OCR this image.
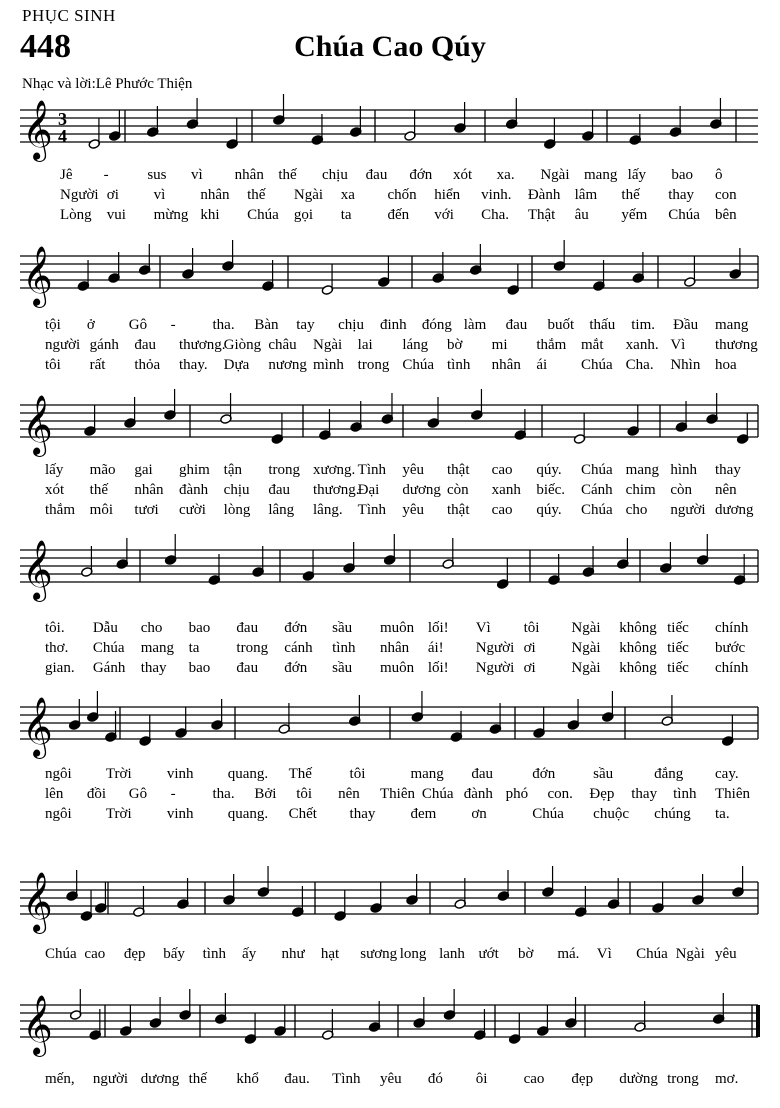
PHỤC SINH
448	Chúa Cao Qúy
Nhạc và lời:Lê Phước Thiện
𝄞 3
4
𝄞
𝄞
𝄞
𝄞
𝄞
𝄞
Jê -	sus vì nhân thế chịu đau đớn xót xa. Ngài mang lấy bao ô
Người ơi vì nhân thế Ngài xa chốn hiển vinh. Đành lâm thế thay con
Lòng vui mừng khi Chúa gọi ta đến với Cha. Thật âu yếm Chúa bên
tội ở Gô - tha. Bàn tay chịu đinh đóng làm đau buốt thấu tim. Đầu mang
người gánh đau thương.
Giòng châu Ngài lai láng bờ mi thắm mắt xanh. Vì thương
tôi rất thỏa thay. Dựa nương mình trong Chúa tình nhân ái Chúa Cha. Nhìn hoa
lấy mão gai ghim tận trong xương. Tình yêu thật cao qúy. Chúa mang hình thay
xót thế nhân đành chịu đau thương.
Đại dương còn xanh biếc. Cánh chim còn nên
thắm môi tươi cười lòng lâng lâng. Tình yêu thật cao qúy. Chúa cho người dương
tôi. Dẫu cho bao đau đớn sầu muôn lối! Vì tôi Ngài không tiếc chính
thơ. Chúa mang ta trong cánh tình nhân ái! Người ơi Ngài không tiếc bước
gian. Gánh thay bao đau đớn sầu muôn lối! Người ơi Ngài không tiếc chính
ngôi Trời vinh quang. Thế	tôi	mang đau	đớn	sầu	đắng cay.
lên đồi Gô - tha. Bởi tôi nên Thiên Chúa đành phó con. Đẹp thay tình Thiên
ngôi Trời vinh quang. Chết thay đem ơn	Chúa chuộc chúng ta.
Chúa cao đẹp bấy tình ấy như hạt sương long lanh ướt bờ má. Vì Chúa Ngài yêu
mến, người dương thế khổ đau. Tình yêu đó ôi cao đẹp dường trong mơ.
